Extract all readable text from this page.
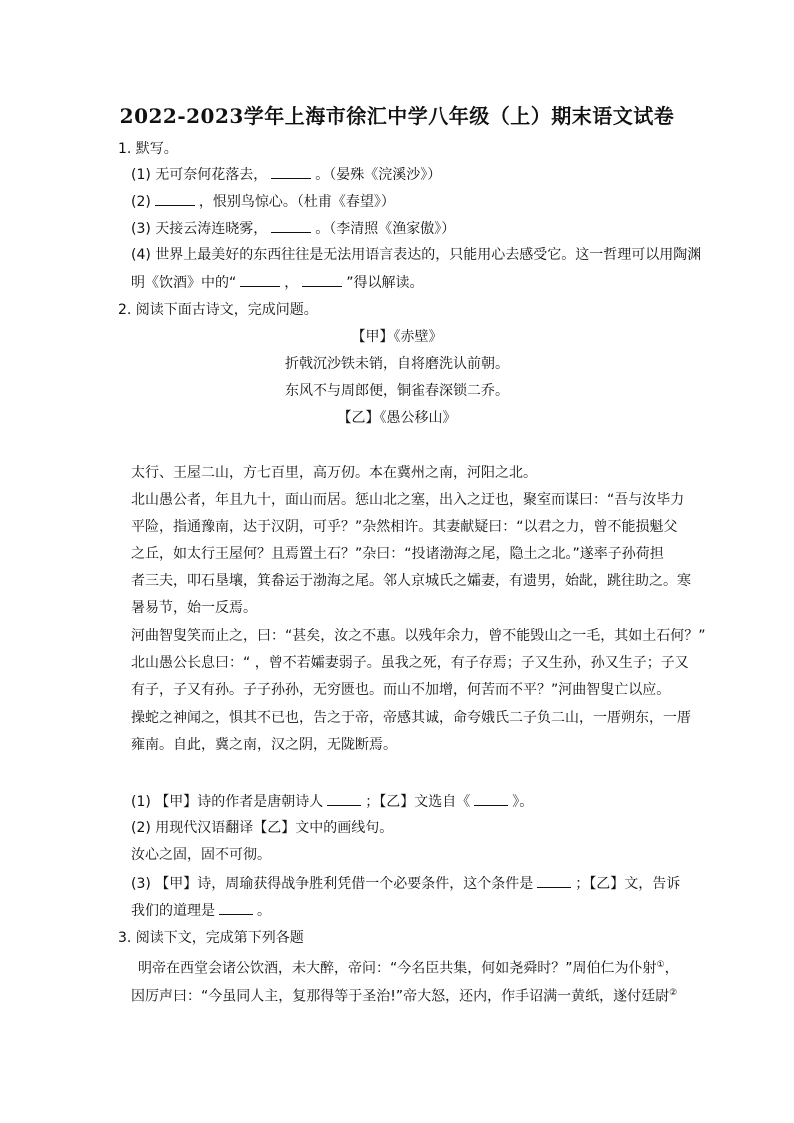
2022-2023学年上海市徐汇中学八年级（上）期末语文试卷
1. 默写。
(1) 无可奈何花落去，	。（晏殊《浣溪沙》）
(2)	，恨别鸟惊心。（杜甫《春望》）
(3) 天接云涛连晓雾，	。（李清照《渔家傲》）
(4) 世界上最美好的东西往往是无法用语言表达的，只能用心去感受它。这一哲理可以用陶渊
明《饮酒》中的“	，	”得以解读。
2. 阅读下面古诗文，完成问题。
【甲】《赤壁》
折戟沉沙铁未销，自将磨洗认前朝。
东风不与周郎便，铜雀春深锁二乔。
【乙】《愚公移山》
太行、王屋二山，方七百里，高万仞。本在冀州之南，河阳之北。
北山愚公者，年且九十，面山而居。惩山北之塞，出入之迂也，聚室而谋曰：“吾与汝毕力
平险，指通豫南，达于汉阴，可乎？”杂然相许。其妻献疑曰：“以君之力，曾不能损魁父
之丘，如太行王屋何？且焉置土石？”杂曰：“投诸渤海之尾，隐土之北。”遂率子孙荷担
者三夫，叩石垦壤，箕畚运于渤海之尾。邻人京城氏之孀妻，有遗男，始龀，跳往助之。寒
暑易节，始一反焉。
河曲智叟笑而止之，曰：“甚矣，汝之不惠。以残年余力，曾不能毁山之一毛，其如土石何？”
北山愚公长息曰：“ ，曾不若孀妻弱子。虽我之死，有子存焉；子又生孙，孙又生子；子又
有子，子又有孙。子子孙孙，无穷匮也。而山不加增，何苦而不平？”河曲智叟亡以应。
操蛇之神闻之，惧其不已也，告之于帝，帝感其诚，命夸娥氏二子负二山，一厝朔东，一厝
雍南。自此，冀之南，汉之阴，无陇断焉。
(1) 【甲】诗的作者是唐朝诗人	；【乙】文选自《	》。
(2) 用现代汉语翻译【乙】文中的画线句。
汝心之固，固不可彻。
(3) 【甲】诗，周瑜获得战争胜利凭借一个必要条件，这个条件是	；【乙】文，告诉
我们的道理是	。
3. 阅读下文，完成第下列各题
明帝在西堂会诸公饮酒，未大醉，帝问：“今名臣共集，何如尧舜时？”周伯仁为仆射①，
因厉声曰：“今虽同人主，复那得等于圣治!”帝大怒，还内，作手诏满一黄纸，遂付廷尉②
